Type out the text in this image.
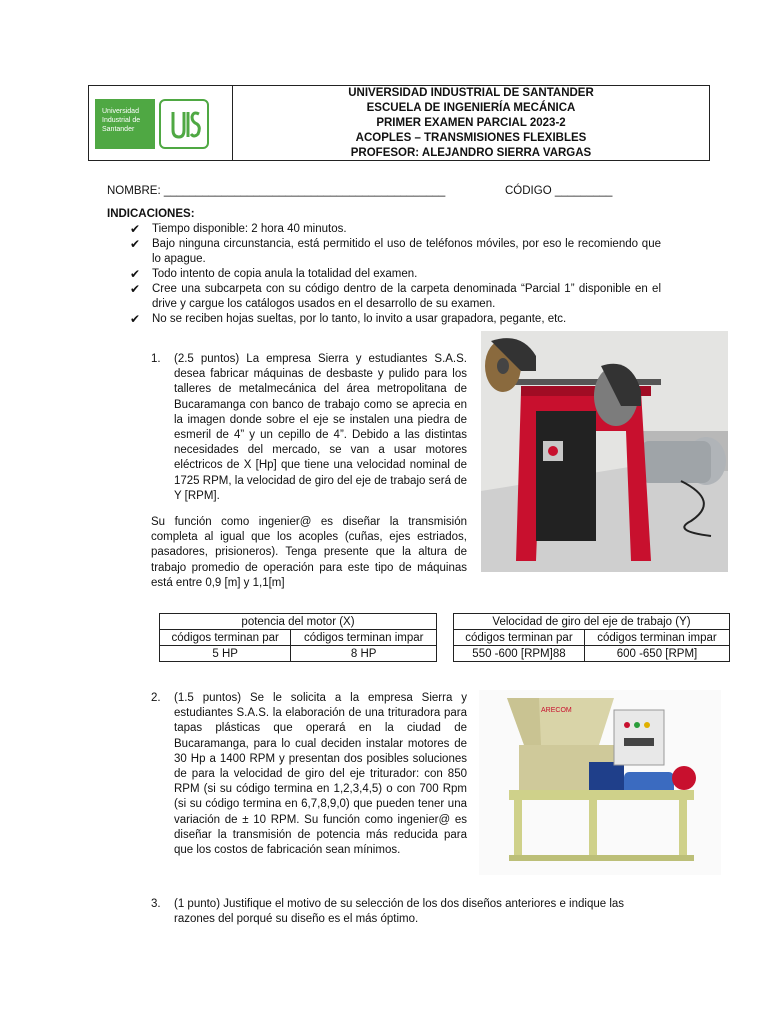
Universidad
Industrial de
Santander
UNIVERSIDAD INDUSTRIAL DE SANTANDER
ESCUELA DE INGENIERÍA MECÁNICA
PRIMER EXAMEN PARCIAL 2023-2
ACOPLES – TRANSMISIONES FLEXIBLES
PROFESOR: ALEJANDRO SIERRA VARGAS
NOMBRE: ____________________________________________	CÓDIGO _________
INDICACIONES:
✔	Tiempo disponible: 2 hora 40 minutos.
✔	Bajo ninguna circunstancia, está permitido el uso de teléfonos móviles, por eso le recomiendo que lo apague.
✔	Todo intento de copia anula la totalidad del examen.
✔	Cree una subcarpeta con su código dentro de la carpeta denominada “Parcial 1” disponible en el drive y cargue los catálogos usados en el desarrollo de su examen.
✔	No se reciben hojas sueltas, por lo tanto, lo invito a usar grapadora, pegante, etc.
1. (2.5 puntos) La empresa Sierra y estudiantes S.A.S. desea fabricar máquinas de desbaste y pulido para los talleres de metalmecánica del área metropolitana de Bucaramanga con banco de trabajo como se aprecia en la imagen donde sobre el eje se instalen una piedra de esmeril de 4” y un cepillo de 4”. Debido a las distintas necesidades del mercado, se van a usar motores eléctricos de X [Hp] que tiene una velocidad nominal de 1725 RPM, la velocidad de giro del eje de trabajo será de Y [RPM].
Su función como ingenier@ es diseñar la transmisión completa al igual que los acoples (cuñas, ejes estriados, pasadores, prisioneros). Tenga presente que la altura de trabajo promedio de operación para este tipo de máquinas está entre 0,9 [m] y 1,1[m]
potencia del motor (X)	
códigos terminan par	códigos terminan impar
5 HP	8 HP
Velocidad de giro del eje de trabajo (Y)	
códigos terminan par	códigos terminan impar
550 -600 [RPM]88	600 -650 [RPM]
2. (1.5 puntos) Se le solicita a la empresa Sierra y estudiantes S.A.S. la elaboración de una trituradora para tapas plásticas que operará en la ciudad de Bucaramanga, para lo cual deciden instalar motores de 30 Hp a 1400 RPM y presentan dos posibles soluciones de para la velocidad de giro del eje triturador: con 850 RPM (si su código termina en 1,2,3,4,5) o con 700 Rpm (si su código termina en 6,7,8,9,0) que pueden tener una variación de ± 10 RPM. Su función como ingenier@ es diseñar la transmisión de potencia más reducida para que los costos de fabricación sean mínimos.
ARECOM
3. (1 punto) Justifique el motivo de su selección de los dos diseños anteriores e indique las razones del porqué su diseño es el más óptimo.
